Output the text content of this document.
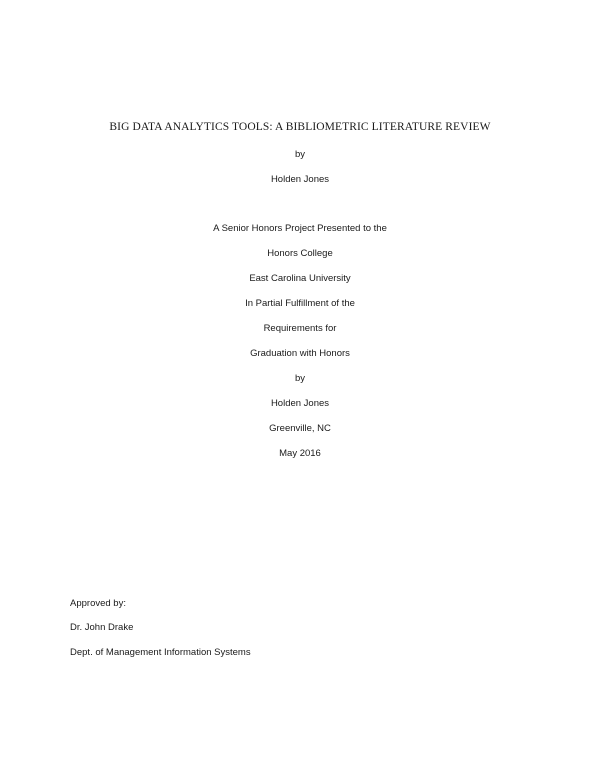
BIG DATA ANALYTICS TOOLS: A BIBLIOMETRIC LITERATURE REVIEW
by
Holden Jones
A Senior Honors Project Presented to the
Honors College
East Carolina University
In Partial Fulfillment of the
Requirements for
Graduation with Honors
by
Holden Jones
Greenville, NC
May 2016
Approved by:
Dr. John Drake
Dept. of Management Information Systems
